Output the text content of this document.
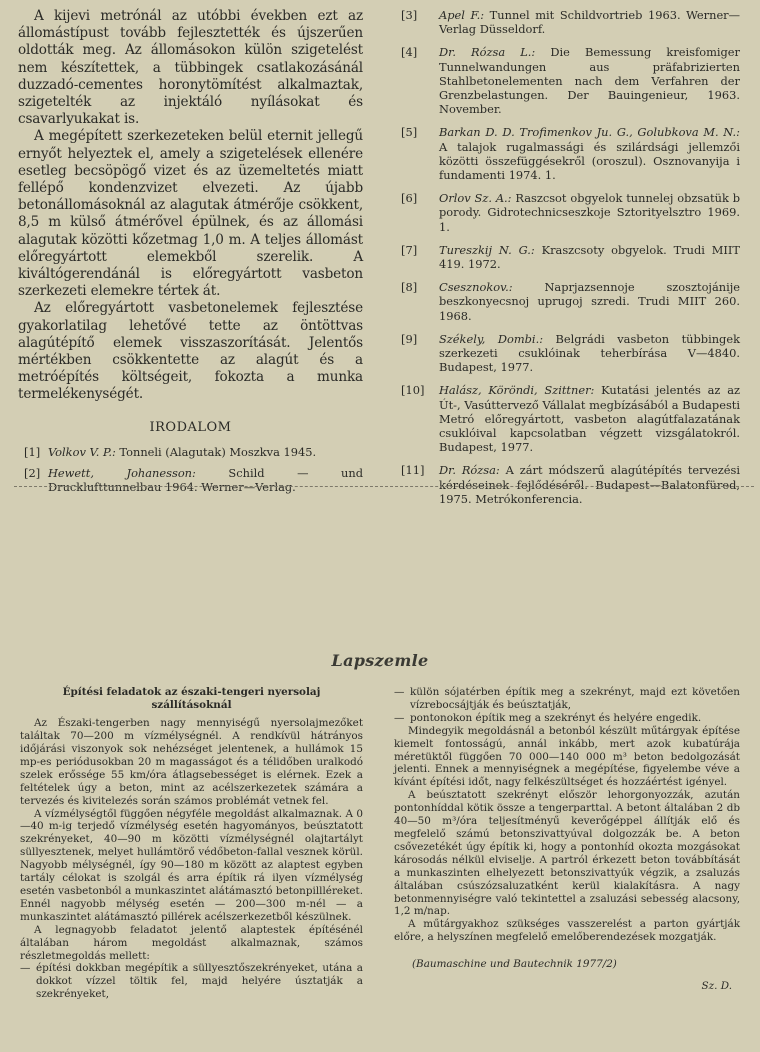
A kijevi metrónál az utóbbi években ezt az állomástípust tovább fejlesztették és újszerűen oldották meg. Az állomásokon külön szigetelést nem készítettek, a tübbingek csatlakozásánál duzzadó-cementes horonytömítést alkalmaztak, szigetelték az injektáló nyílásokat és csavarlyukakat is.

A megépített szerkezeteken belül eternit jellegű ernyőt helyeztek el, amely a szigetelések ellenére esetleg becsöpögő vizet és az üzemeltetés miatt fellépő kondenzvizet elvezeti. Az újabb betonállomásoknál az alagutak átmérője csökkent, 8,5 m külső átmérővel épülnek, és az állomási alagutak közötti kőzetmag 1,0 m. A teljes állomást előregyártott elemekből szerelik. A kiváltógerendánál is előregyártott vasbeton szerkezeti elemekre tértek át.

Az előregyártott vasbetonelemek fejlesztése gyakorlatilag lehetővé tette az öntöttvas alagútépítő elemek visszaszorítását. Jelentős mértékben csökkentette az alagút és a metróépítés költségeit, fokozta a munka termelékenységét.

IRODALOM
[1] Volkov V. P.: Tonneli (Alagutak) Moszkva 1945.
[2] Hewett, Johanesson:	Schild — und Drucklufttunnelbau 1964. Werner—Verlag.
[3]	Apel F.: Tunnel mit Schildvortrieb 1963. Werner—Verlag Düsseldorf.
[4]	Dr. Rózsa L.: Die Bemessung kreisfomiger Tunnelwandungen aus präfabrizierten Stahlbetonelementen nach dem Verfahren der Grenzbelastungen. Der Bauingenieur, 1963. November.
[5]	Barkan D. D. Trofimenkov Ju. G., Golubkova M. N.: A talajok rugalmassági és szilárdsági jellemzői közötti összefüggésekről (oroszul). Osznovanyija i fundamenti 1974. 1.
[6]	Orlov Sz. A.: Raszcsot obgyelok tunnelej obzsatük b porody. Gidrotechnicseszkoje Sztorityelsztro 1969. 1.
[7]	Tureszkij N. G.: Kraszcsoty obgyelok. Trudi MIIT 419. 1972.
[8]	Csesznokov.:	Naprjazsennoje szosztojánije beszkonyecsnoj uprugoj szredi. Trudi MIIT 260. 1968.
[9]	Székely, Dombi.: Belgrádi vasbeton tübbingek szerkezeti csuklóinak teherbírása V—4840. Budapest, 1977.
[10]	Halász, Köröndi, Szittner: Kutatási jelentés az az Út-, Vasúttervező Vállalat megbízásából a Budapesti Metró előregyártott, vasbeton alagútfalazatának csuklóival kapcsolatban végzett vizsgálatokról. Budapest, 1977.
[11]	Dr. Rózsa: A zárt módszerű alagútépítés tervezési kérdéseinek fejlődéséről. Budapest—Balatonfüred, 1975. Metrókonferencia.
Lapszemle
Építési feladatok az északi-tengeri nyersolaj
szállításoknál

Az Északi-tengerben nagy mennyiségű nyersolajmezőket találtak 70—200 m vízmélységnél. A rendkívül hátrányos időjárási viszonyok sok nehézséget jelentenek, a hullámok 15 mp-es periódusokban 20 m magasságot és a télidőben uralkodó szelek erőssége 55 km/óra átlagsebességet is elérnek. Ezek a feltételek úgy a beton, mint az acélszerkezetek számára a tervezés és kivitelezés során számos problémát vetnek fel.

A vízmélységtől függően négyféle megoldást alkalmaznak. A 0—40 m-ig terjedő vízmélység esetén hagyományos, beúsztatott szekrényeket, 40—90 m közötti vízmélységnél olajtartályt süllyesztenek, melyet hullámtörő védőbeton-fallal vesznek körül. Nagyobb mélységnél, így 90—180 m között az alaptest egyben tartály célokat is szolgál és arra építik rá ilyen vízmélység esetén vasbetonból a munkaszintet alátámasztó betonpillléreket. Ennél nagyobb mélység esetén — 200—300 m-nél — a munkaszintet alátámasztó pillérek acélszerkezetből készülnek.

A legnagyobb feladatot jelentő alaptestek építésénél általában három megoldást alkalmaznak, számos részletmegoldás mellett:

— építési dokkban megépítik a süllyesztőszekrényeket, utána a dokkot vízzel töltik fel, majd helyére úsztatják a szekrényeket,
— külön sójatérben építik meg a szekrényt, majd ezt követően vízrebocsájtják és beúsztatják,
— pontonokon építik meg a szekrényt és helyére engedik.

Mindegyik megoldásnál a betonból készült műtárgyak építése kiemelt fontosságú, annál inkább, mert azok kubatúrája méretüktől függően 70 000—140 000 m³ beton bedolgozását jelenti. Ennek a mennyiségnek a megépítése, figyelembe véve a kívánt építési időt, nagy felkészültséget és hozzáértést igényel.

A beúsztatott szekrényt először lehorgonyozzák, azután pontonhíddal kötik össze a tengerparttal. A betont általában 2 db 40—50 m³/óra teljesítményű keverőgéppel állítják elő és megfelelő számú betonszivattyúval dolgozzák be. A beton csővezetékét úgy építik ki, hogy a pontonhíd okozta mozgásokat károsodás nélkül elviselje. A partról érkezett beton továbbítását a munkaszinten elhelyezett betonszivattyúk végzik, a zsaluzás általában csúszózsaluzatként kerül kialakításra. A nagy betonmennyiségre való tekintettel a zsaluzási sebesség alacsony, 1,2 m/nap.

A műtárgyakhoz szükséges vasszerelést a parton gyártják előre, a helyszínen megfelelő emelőberendezések mozgatják.

(Baumaschine und Bautechnik 1977/2)
Sz. D.
